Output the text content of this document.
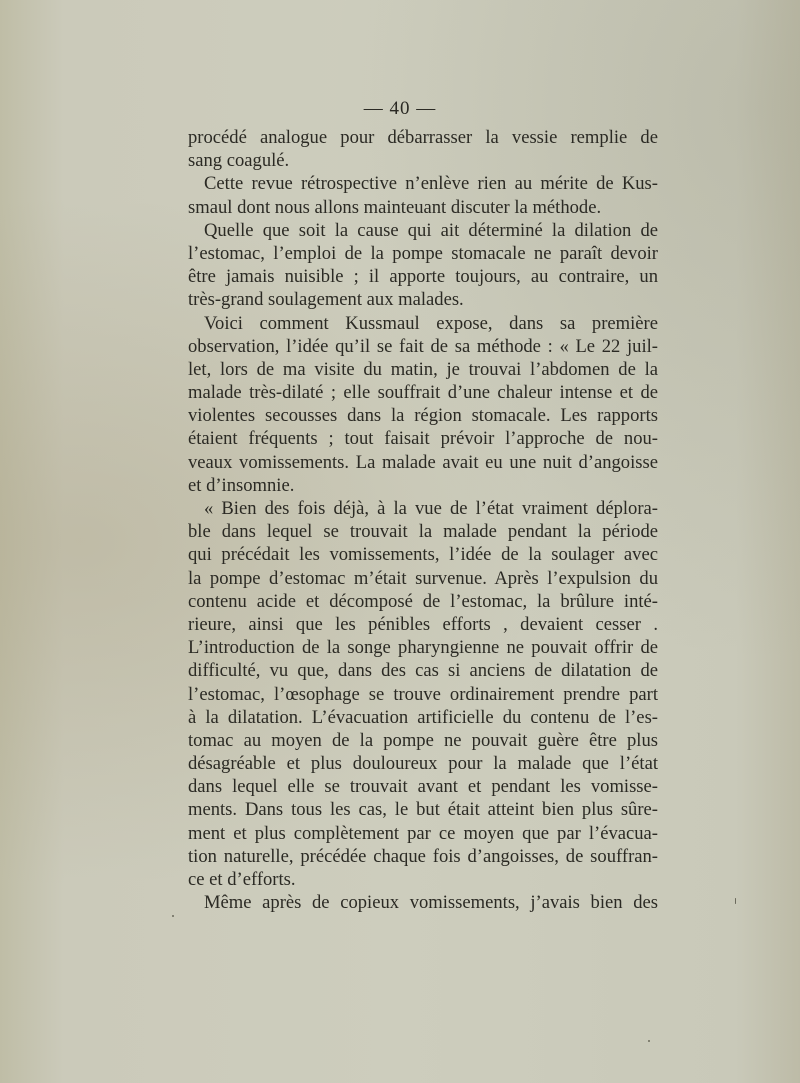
— 40 —
procédé analogue pour débarrasser la vessie remplie de
sang coagulé.
Cette revue rétrospective n’enlève rien au mérite de Kus-
smaul dont nous allons mainteuant discuter la méthode.
Quelle que soit la cause qui ait déterminé la dilation de
l’estomac, l’emploi de la pompe stomacale ne paraît devoir
être jamais nuisible ; il apporte toujours, au contraire, un
très-grand soulagement aux malades.
Voici comment Kussmaul expose, dans sa première
observation, l’idée qu’il se fait de sa méthode : « Le 22 juil-
let, lors de ma visite du matin, je trouvai l’abdomen de la
malade très-dilaté ; elle souffrait d’une chaleur intense et de
violentes secousses dans la région stomacale. Les rapports
étaient fréquents ; tout faisait prévoir l’approche de nou-
veaux vomissements. La malade avait eu une nuit d’angoisse
et d’insomnie.
« Bien des fois déjà, à la vue de l’état vraiment déplora-
ble dans lequel se trouvait la malade pendant la période
qui précédait les vomissements, l’idée de la soulager avec
la pompe d’estomac m’était survenue. Après l’expulsion du
contenu acide et décomposé de l’estomac, la brûlure inté-
rieure, ainsi que les pénibles efforts , devaient cesser .
L’introduction de la songe pharyngienne ne pouvait offrir de
difficulté, vu que, dans des cas si anciens de dilatation de
l’estomac, l’œsophage se trouve ordinairement prendre part
à la dilatation. L’évacuation artificielle du contenu de l’es-
tomac au moyen de la pompe ne pouvait guère être plus
désagréable et plus douloureux pour la malade que l’état
dans lequel elle se trouvait avant et pendant les vomisse-
ments. Dans tous les cas, le but était atteint bien plus sûre-
ment et plus complètement par ce moyen que par l’évacua-
tion naturelle, précédée chaque fois d’angoisses, de souffran-
ce et d’efforts.
Même après de copieux vomissements, j’avais bien des
